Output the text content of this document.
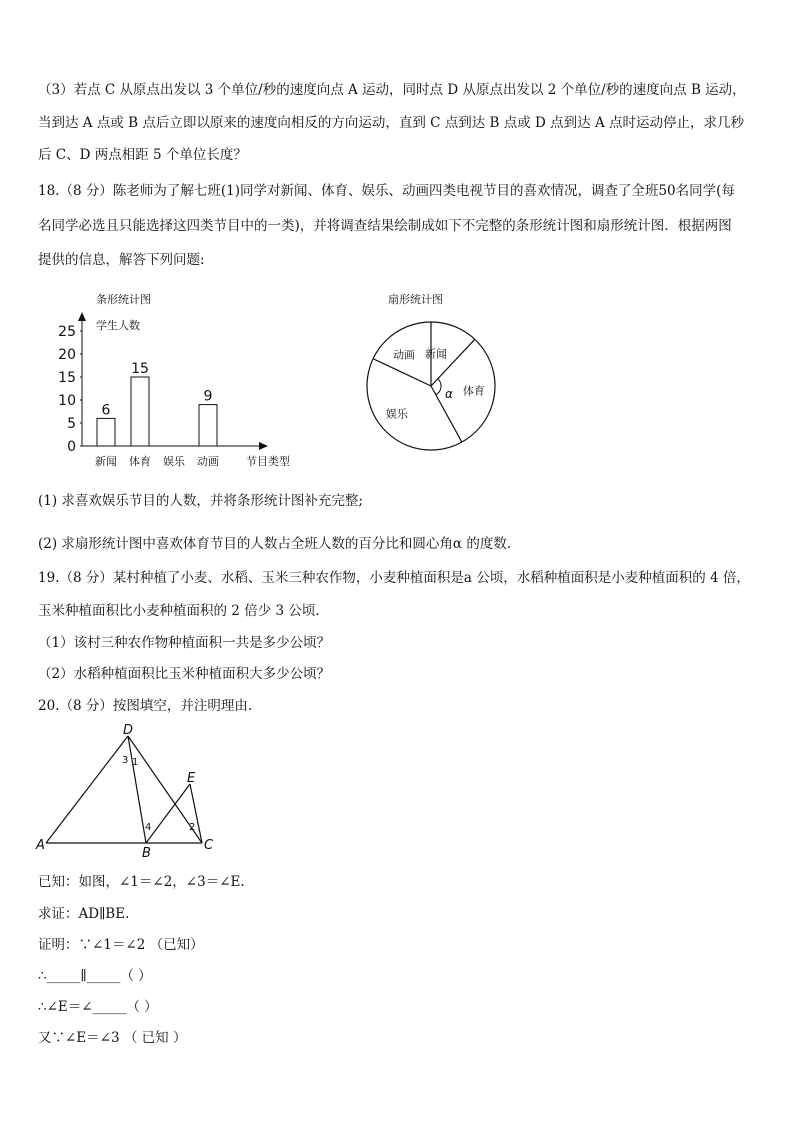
（3）若点 C 从原点出发以 3 个单位/秒的速度向点 A 运动，同时点 D 从原点出发以 2 个单位/秒的速度向点 B 运动，
当到达 A 点或 B 点后立即以原来的速度向相反的方向运动，直到 C 点到达 B 点或 D 点到达 A 点时运动停止，求几秒
后 C、D 两点相距 5 个单位长度？
18.（8 分）陈老师为了解七班(1)同学对新闻、体育、娱乐、动画四类电视节目的喜欢情况，调查了全班50名同学(每
名同学必选且只能选择这四类节目中的一类)，并将调查结果绘制成如下不完整的条形统计图和扇形统计图．根据两图
提供的信息，解答下列问题:
条形统计图
学生人数
0
5
10
15
20
25
6
新闻
15
体育 娱乐
9
动画 节目类型
扇形统计图
新闻
体育
α
娱乐
动画
(1) 求喜欢娱乐节目的人数，并将条形统计图补充完整;
(2) 求扇形统计图中喜欢体育节目的人数占全班人数的百分比和圆心角α 的度数.
19.（8 分）某村种植了小麦、水稻、玉米三种农作物，小麦种植面积是a 公顷，水稻种植面积是小麦种植面积的 4 倍，
玉米种植面积比小麦种植面积的 2 倍少 3 公顷.
（1）该村三种农作物种植面积一共是多少公顷？
（2）水稻种植面积比玉米种植面积大多少公顷？
20.（8 分）按图填空，并注明理由.
D
E
A
B
C
3 1
4	2
已知：如图，∠1＝∠2，∠3＝∠E.
求证：AD∥BE.
证明：∵∠1＝∠2 （已知）
∴_____∥_____（ ）
∴∠E＝∠_____（ ）
又∵∠E＝∠3 （ 已知 ）
